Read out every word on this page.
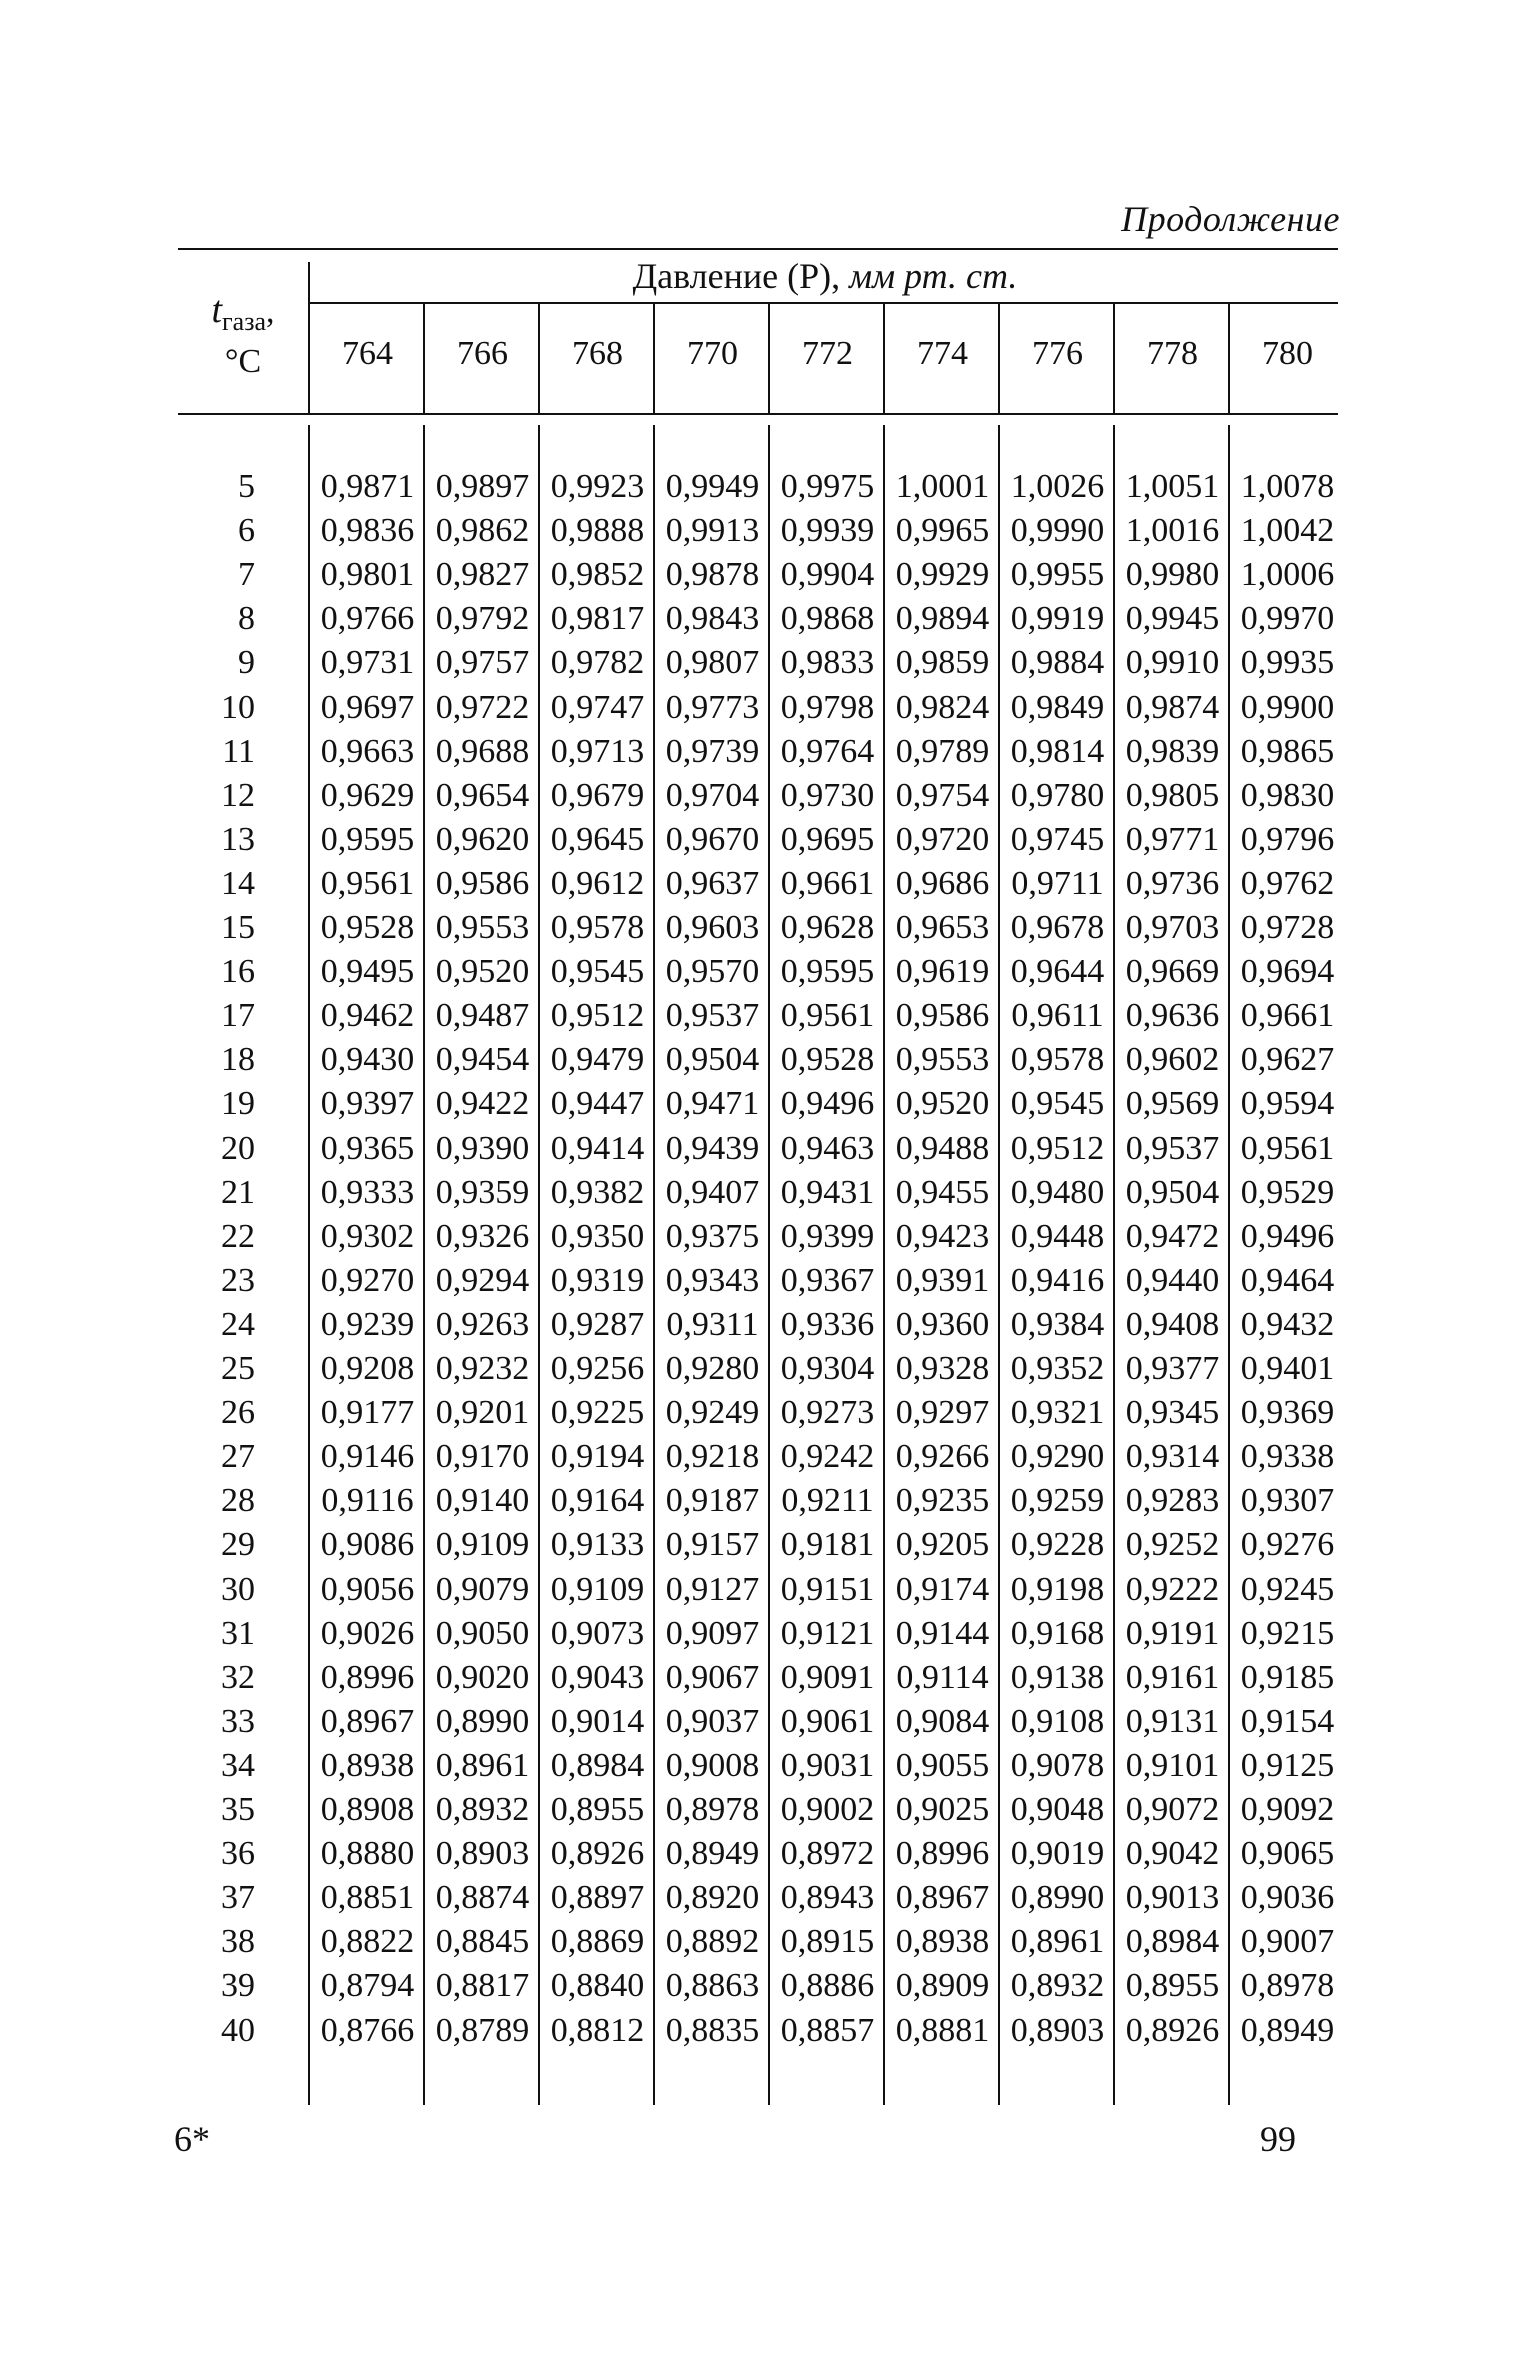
Продолжение
Давление (P), мм рт. ст.
$t_{газа}$,
°С	764	766	768	770	772	774	776	778	780
5	0,9871 0,9897 0,9923 0,9949 0,9975 1,0001 1,0026 1,0051 1,0078
6	0,9836 0,9862 0,9888 0,9913 0,9939 0,9965 0,9990 1,0016 1,0042
7	0,9801 0,9827 0,9852 0,9878 0,9904 0,9929 0,9955 0,9980 1,0006
8	0,9766 0,9792 0,9817 0,9843 0,9868 0,9894 0,9919 0,9945 0,9970
9	0,9731 0,9757 0,9782 0,9807 0,9833 0,9859 0,9884 0,9910 0,9935
10	0,9697 0,9722 0,9747 0,9773 0,9798 0,9824 0,9849 0,9874 0,9900
11	0,9663 0,9688 0,9713 0,9739 0,9764 0,9789 0,9814 0,9839 0,9865
12	0,9629 0,9654 0,9679 0,9704 0,9730 0,9754 0,9780 0,9805 0,9830
13	0,9595 0,9620 0,9645 0,9670 0,9695 0,9720 0,9745 0,9771 0,9796
14	0,9561 0,9586 0,9612 0,9637 0,9661 0,9686 0,9711 0,9736 0,9762
15	0,9528 0,9553 0,9578 0,9603 0,9628 0,9653 0,9678 0,9703 0,9728
16	0,9495 0,9520 0,9545 0,9570 0,9595 0,9619 0,9644 0,9669 0,9694
17	0,9462 0,9487 0,9512 0,9537 0,9561 0,9586 0,9611 0,9636 0,9661
18	0,9430 0,9454 0,9479 0,9504 0,9528 0,9553 0,9578 0,9602 0,9627
19	0,9397 0,9422 0,9447 0,9471 0,9496 0,9520 0,9545 0,9569 0,9594
20	0,9365 0,9390 0,9414 0,9439 0,9463 0,9488 0,9512 0,9537 0,9561
21	0,9333 0,9359 0,9382 0,9407 0,9431 0,9455 0,9480 0,9504 0,9529
22	0,9302 0,9326 0,9350 0,9375 0,9399 0,9423 0,9448 0,9472 0,9496
23	0,9270 0,9294 0,9319 0,9343 0,9367 0,9391 0,9416 0,9440 0,9464
24	0,9239 0,9263 0,9287 0,9311 0,9336 0,9360 0,9384 0,9408 0,9432
25	0,9208 0,9232 0,9256 0,9280 0,9304 0,9328 0,9352 0,9377 0,9401
26	0,9177 0,9201 0,9225 0,9249 0,9273 0,9297 0,9321 0,9345 0,9369
27	0,9146 0,9170 0,9194 0,9218 0,9242 0,9266 0,9290 0,9314 0,9338
28	0,9116 0,9140 0,9164 0,9187 0,9211 0,9235 0,9259 0,9283 0,9307
29	0,9086 0,9109 0,9133 0,9157 0,9181 0,9205 0,9228 0,9252 0,9276
30	0,9056 0,9079 0,9109 0,9127 0,9151 0,9174 0,9198 0,9222 0,9245
31	0,9026 0,9050 0,9073 0,9097 0,9121 0,9144 0,9168 0,9191 0,9215
32	0,8996 0,9020 0,9043 0,9067 0,9091 0,9114 0,9138 0,9161 0,9185
33	0,8967 0,8990 0,9014 0,9037 0,9061 0,9084 0,9108 0,9131 0,9154
34	0,8938 0,8961 0,8984 0,9008 0,9031 0,9055 0,9078 0,9101 0,9125
35	0,8908 0,8932 0,8955 0,8978 0,9002 0,9025 0,9048 0,9072 0,9092
36	0,8880 0,8903 0,8926 0,8949 0,8972 0,8996 0,9019 0,9042 0,9065
37	0,8851 0,8874 0,8897 0,8920 0,8943 0,8967 0,8990 0,9013 0,9036
38	0,8822 0,8845 0,8869 0,8892 0,8915 0,8938 0,8961 0,8984 0,9007
39	0,8794 0,8817 0,8840 0,8863 0,8886 0,8909 0,8932 0,8955 0,8978
40	0,8766 0,8789 0,8812 0,8835 0,8857 0,8881 0,8903 0,8926 0,8949
6*	99
